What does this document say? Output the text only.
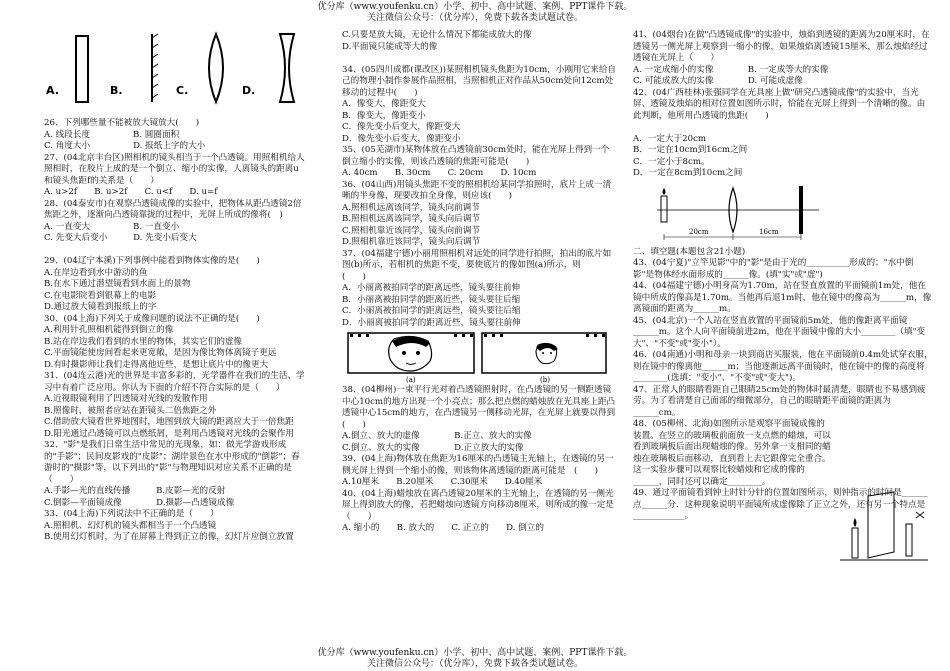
优分库（www.youfenku.cn）小学、初中、高中试题、案例、PPT课件下载。
关注微信公众号：（优分库），免费下载各类试题试卷。
A.	B.	C.	D.

26、下列哪些量不能被放大镜放大(　　)

A. 线段长度　　　　　B. 圆圈面积

C. 角度大小　　　　　D. 报纸上字的大小

27、(04北京丰台区)照相机的镜头相当于一个凸透镜。用照相机给人照相时，在胶片上成的是一个倒立、缩小的实像，人离镜头的距离u和镜头焦距f的关系是（　　）

A. u>2f　　B. u>2f　　C. u<f　　D. u=f

28、(04泰安市)在观察凸透镜成像的实验中，把物体从距凸透镜2倍焦距之外，逐渐向凸透镜靠拢的过程中，光屏上所成的像将(　)

A. 一直变大　　　　　B. 一直变小

C. 先变大后变小　　　D. 先变小后变大

29、(04辽宁本溪)下列事例中能看到物体实像的是(　　)

A.在岸边看到水中游动的鱼

B.在水下通过潜望镜看到水面上的景物

C.在电影院看到银幕上的电影

D.通过放大镜看到报纸上的字

30、(04上海)下列关于成像问题的说法不正确的是(　　)

A.利用针孔照相机能得到倒立的像

B.站在岸边我们看到的水里的物体，其实它们的虚像

C.平面镜能使房间看起来更宽敞，是因为像比物体离镜子更远

D.有时摄影师让我们走得离他近些，是想让底片中的像更大

31、(04连云港)光的世界是丰富多彩的，光学器件在我们的生活、学习中有着广泛应用。你认为下面的介绍不符合实际的是（　　）

A.近视眼镜利用了凹透镜对光线的发散作用

B.照像时，被照者应站在距镜头二倍焦距之外

C.借助放大镜看世界地图时，地图到放大镜的距离应大于一倍焦距

D.阳光通过凸透镜可以点燃纸屑，是利用凸透镜对光线的会聚作用

32、"影"是我们日常生活中常见的光现象，如：做光学游戏形成的"手影"；民间皮影戏的"皮影"；湖岸景色在水中形成的"倒影"；春游时的"摄影"等，以下列出的"影"与物理知识对应关系不正确的是（　　）

A.手影—光的直线传播　　　B.皮影—光的反射

C.倒影—平面镜成像　　　　D.摄影—凸透镜成像

33、(04上海)下列说法中不正确的是（　　）

A.照相机、幻灯机的镜头都相当于一个凸透镜

B.使用幻灯机时，为了在屏幕上得到正立的像，幻灯片应倒立放置

C.只要是放大镜，无论什么情况下都能成放大的像

D.平面镜只能成等大的像

34、(05四川成都(课改区))某照相机镜头焦距为10cm，小刚用它来给自己的物理小制作参展作品照相，当照相机正对作品从50cm处向12cm处移动的过程中(　　)

A．像变大，像距变大

B．像变大，像距变小

C．像先变小后变大，像距变大

D．像先变小后变大，像距变小

35、(05芜湖市)某物体放在凸透镜前30cm处时，能在光屏上得到一个倒立缩小的实像，则该凸透镜的焦距可能是(　　)

A. 40cm　　B. 30cm　　C. 20cm　　D. 10cm

36、(04山西)用镜头焦距不变的照相机给某同学拍照时，底片上成一清晰的半身像，现要改拍全身像，则应该(　　)

A.照相机远离该同学，镜头向前调节

B.照相机远离该同学，镜头向后调节

C.照相机靠近该同学，镜头向前调节

D.照相机靠近该同学，镜头向后调节

37、(04福建宁德)小丽用照相机对远处的同学进行拍照，拍出的底片如图(b)所示，若相机的焦距不变，要使底片的像如图(a)所示，则　　(　　)

A．小丽离被拍同学的距离远些，镜头要往前伸

B．小丽离被拍同学的距离近些，镜头要往后缩

C．小丽离被拍同学的距离远些，镜头要往后缩

D．小丽离被拍同学的距离近些，镜头要往前伸

(a)	(b)

38、(04柳州)一束平行光对着凸透镜照射时，在凸透镜的另一侧距透镜中心10cm的地方出现一个小亮点；那么把点燃的蜡烛放在光具座上距凸透镜中心15cm的地方，在凸透镜另一侧移动光屏，在光屏上就要以得到(　　)

A.倒立、放大的虚像　　　　B.正立、放大的实像

C.倒立、放大的实像　　　　D.正立放大的实像

39、(04上海)物体放在焦距为16厘米的凸透镜主光轴上，在透镜的另一侧光屏上得到一个缩小的像，则该物体离透镜的距离可能是　(　　)

A.10厘米　　B.20厘米　　C.30厘米　　D.40厘米

40、(04上海)蜡烛放在离凸透镜20厘米的主光轴上，在透镜的另一侧光屏上得到放大的像，若把蜡烛向透镜方向移动8厘米，则所成的像一定是（　　）

A. 缩小的　　B. 放大的　　C. 正立的　　D. 倒立的

41、(04烟台)在做"凸透镜成像"的实验中，烛焰到透镜的距离为20厘米时，在透镜另一侧光屏上观察到一缩小的像，如果烛焰离透镜15厘米，那么烛焰经过透镜在光屏上（　　）

A. 一定成缩小的实像　　　　B. 一定成等大的实像

C. 可能成放大的实像　　　　D. 可能成虚像

42、(04广西桂林)张强同学在光具座上做"研究凸透镜成像"的实验中，当光屏、透镜及烛焰的相对位置如图所示时，恰能在光屏上得到一个清晰的像。由此判断，他所用凸透镜的焦距(　　)

A．一定大于20cm

B．一定在10cm到16cm之间

C．一定小于8cm。

D．一定在8cm到10cm之间

20cm	16cm

二、填空题(本题包含21小题)

43、(04宁夏)"立竿见影"中的"影"是由于光的__________形成的；"水中倒影"是物体经水面形成的______像。(填"实"或"虚")

44、(04福建宁德)小明身高为1.70m，站在竖直放置的平面镜前1m处，他在镜中所成的像高是1.70m。当他再后退1m时，他在镜中的像高为______m，像离镜面的距离为______m。

45、(04北京)一个人站在竖直放置的平面镜前5m处，他的像距离平面镜______m。这个人向平面镜前进2m，他在平面镜中像的大小________（填"变大"、"不变"或"变小"）。

46、(04南通)小明和母亲一块到商店买服装，他在平面镜前0.4m处试穿衣服，则在镜中的像离他______m；当他逐渐远离平面镜时，他在镜中的像的高度将________(选填："变小"、"不变"或"变大")。

47、正常人的眼睛看距自己眼睛25cm处的物体时最清楚，眼睛也不易感到疲劳。为了看清楚自己面部的细微部分，自己的眼睛距平面镜的距离为______cm。

48、(05柳州、北海)如图所示是观察平面镜成像的装置。在竖立的玻璃板前面放一支点燃的蜡烛，可以看到玻璃板后面出现蜡烛的像。另外拿一支相同的蜡烛在玻璃板后面移动，直到看上去它跟像完全重合。这一实验步骤可以观察比较蜡烛和它成的像的______，同时还可以确定________。

49、通过平面镜看到钟上时针分针的位置如图所示，则钟指示的时间是______点______分．这种现象说明平面镜所成虚像除了正立之外，还有另一个特点是____________。

优分库（www.youfenku.cn）小学、初中、高中试题、案例、PPT课件下载。
关注微信公众号：（优分库），免费下载各类试题试卷。
